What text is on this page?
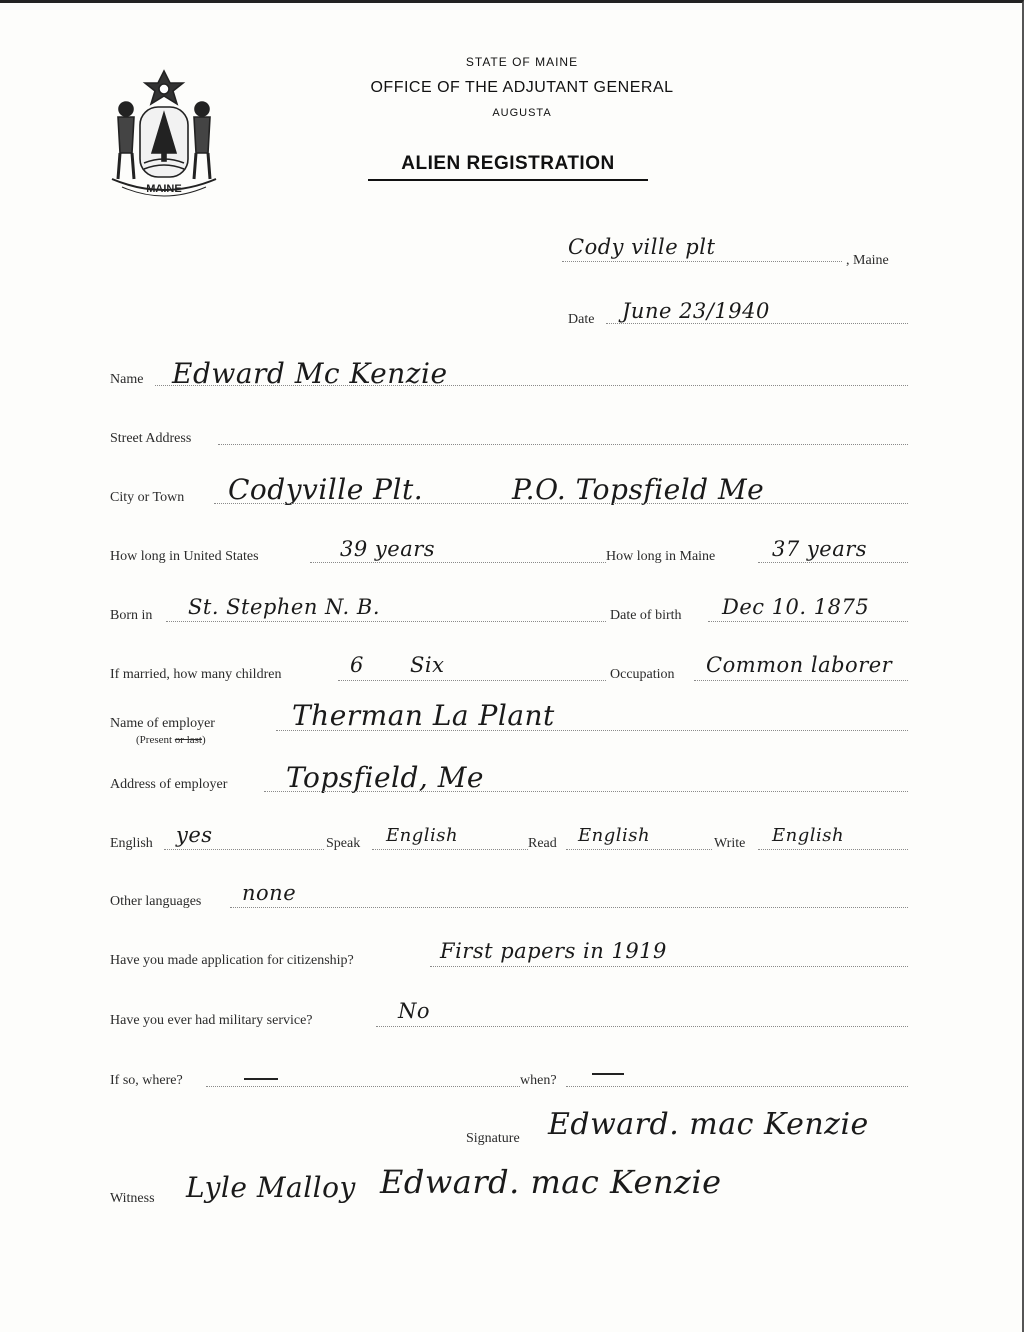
MAINE
STATE OF MAINE
OFFICE OF THE ADJUTANT GENERAL
AUGUSTA
ALIEN REGISTRATION
Cody ville plt
, Maine
Date June 23/1940
Name Edward Mc Kenzie
Street Address
City or Town Codyville Plt.	P.O. Topsfield Me
How long in United States	39 years	How long in Maine	37 years
Born in St. Stephen N. B.	Date of birth Dec 10. 1875
If married, how many children	6 Six	Occupation Common laborer
Name of employer
(Present or last)
Therman La Plant
Address of employer Topsfield, Me
English yes	Speak English	Read English	Write English
Other languages none
Have you made application for citizenship?	First papers in 1919
Have you ever had military service?	No
If so, where?	when?
Signature Edward. mac Kenzie
Witness Lyle Malloy Edward. mac Kenzie
